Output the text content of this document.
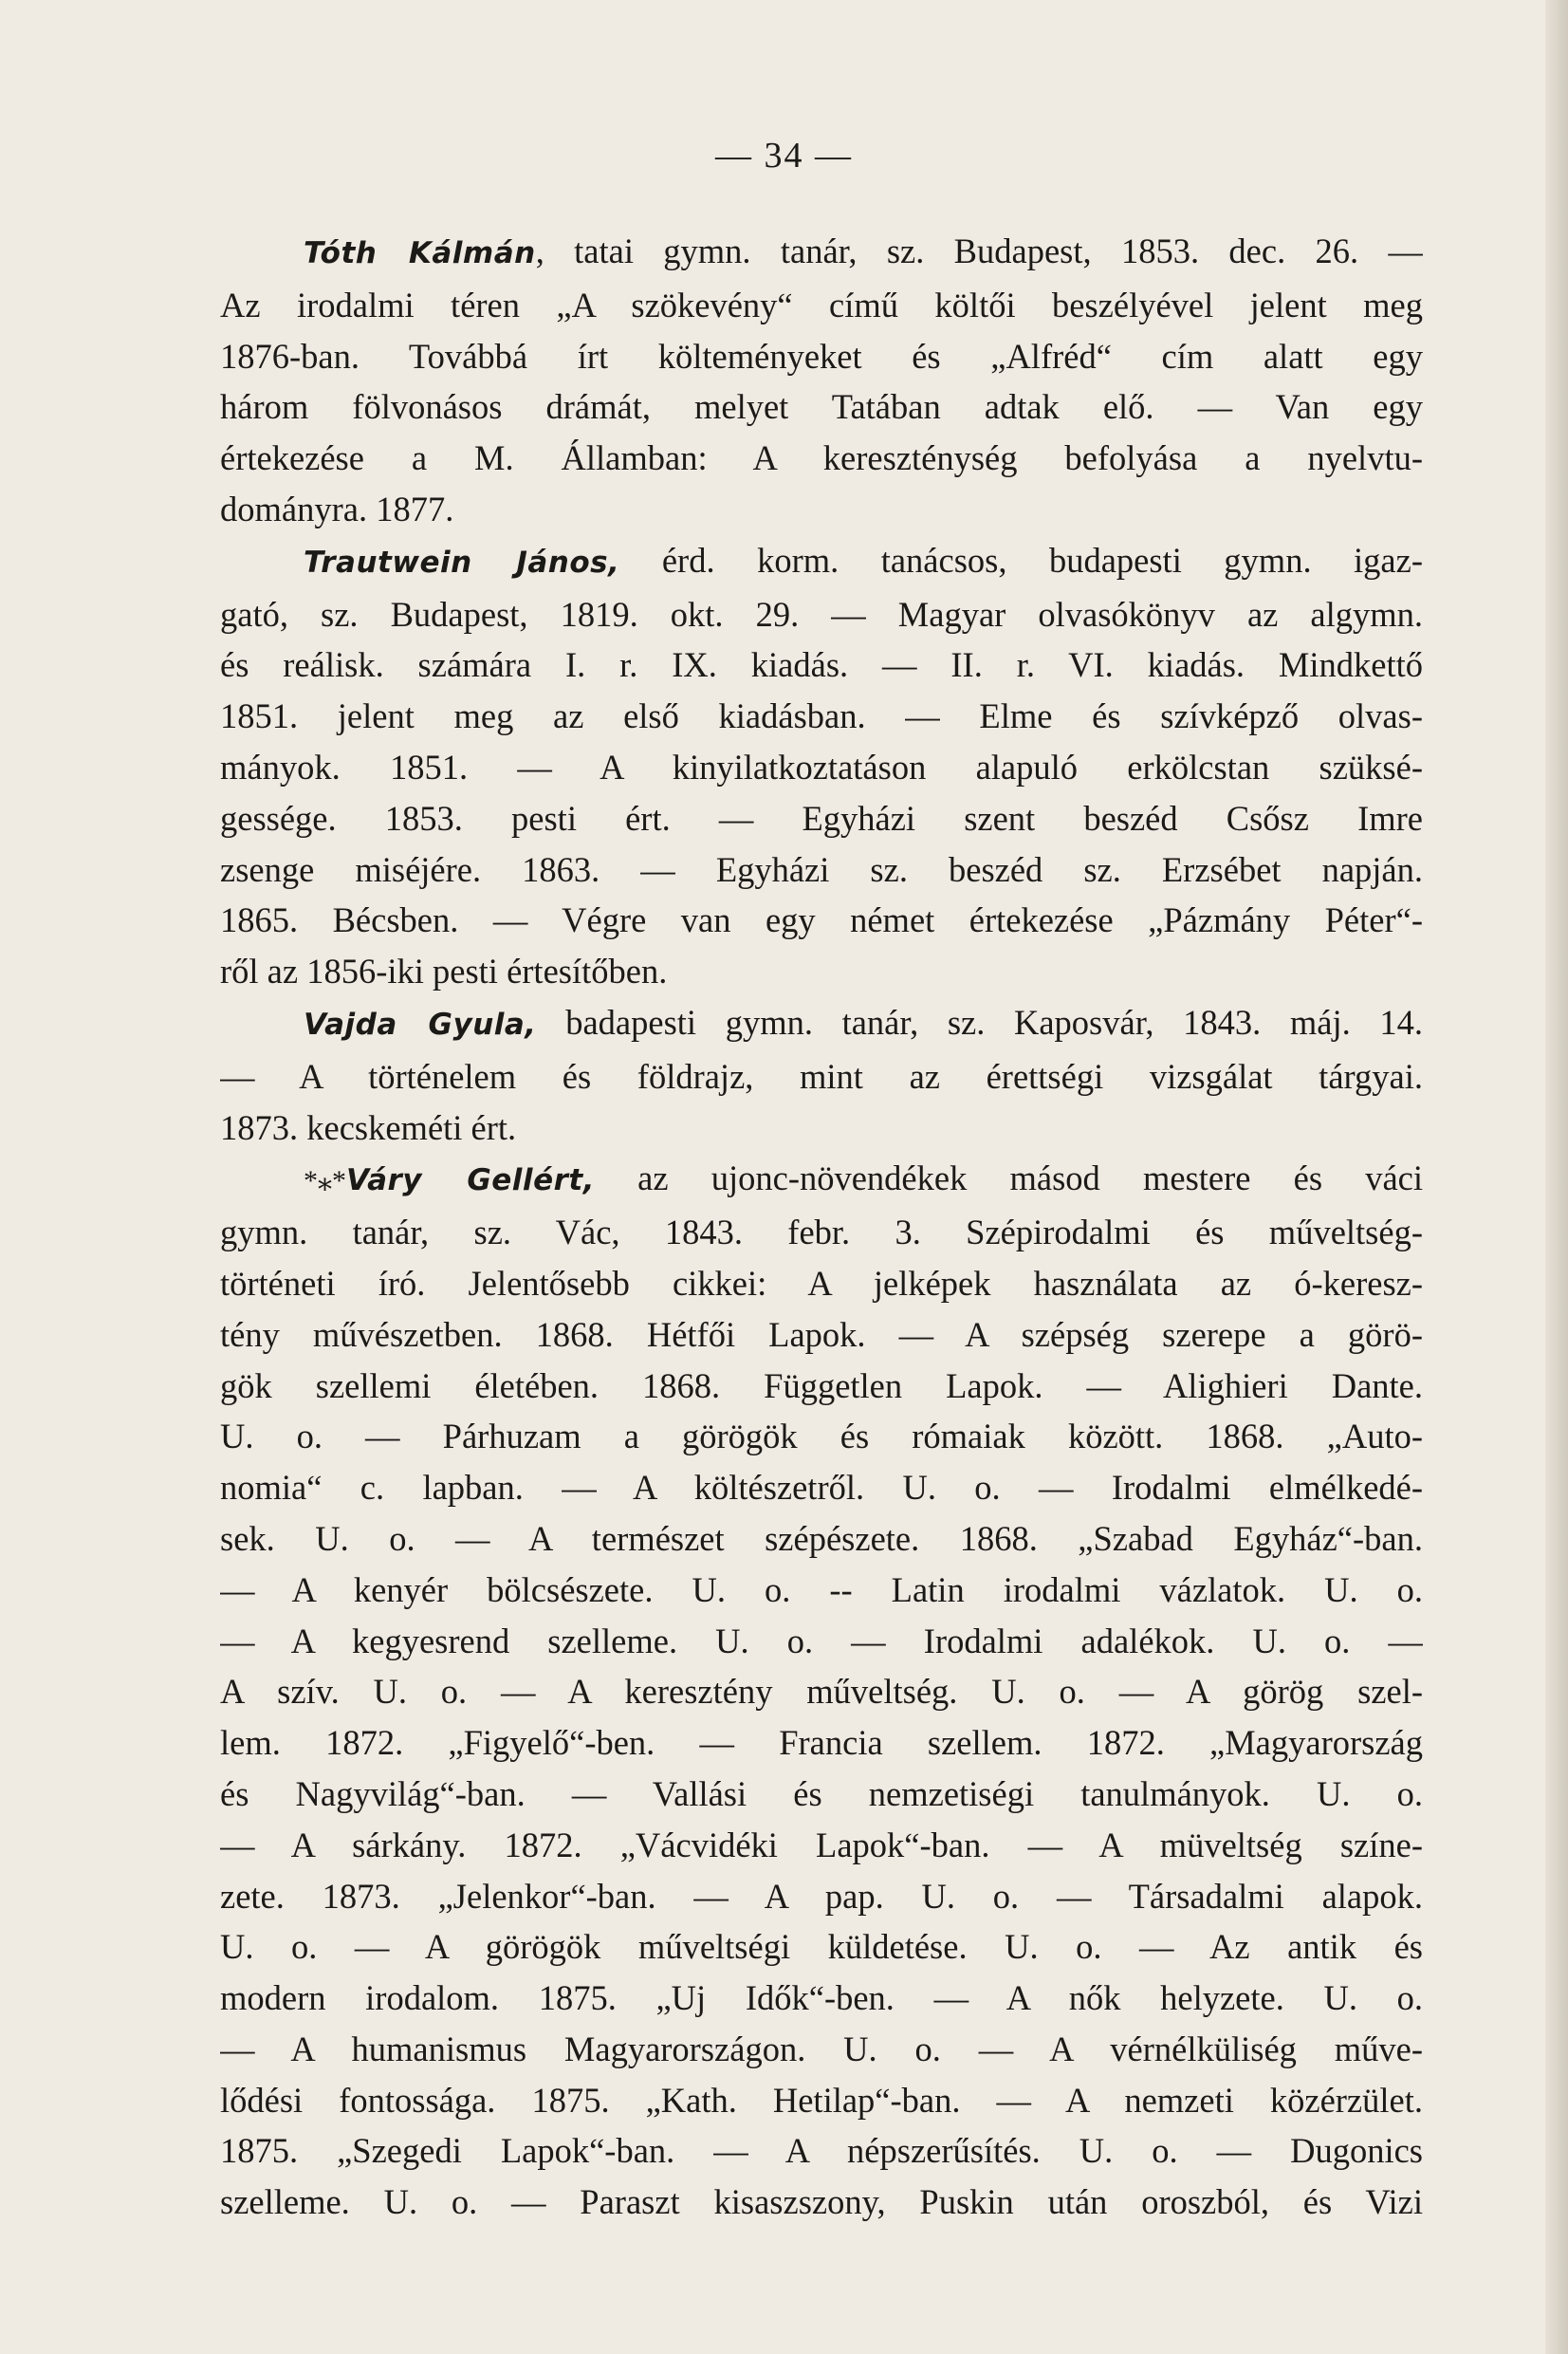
— 34 —
Tóth Kálmán, tatai gymn. tanár, sz. Budapest, 1853. dec. 26. —
Az irodalmi téren „A szökevény“ című költői beszélyével jelent meg
1876-ban. Továbbá írt költeményeket és „Alfréd“ cím alatt egy
három fölvonásos drámát, melyet Tatában adtak elő. — Van egy
értekezése a M. Államban: A kereszténység befolyása a nyelvtu-
dományra. 1877.
Trautwein János, érd. korm. tanácsos, budapesti gymn. igaz-
gató, sz. Budapest, 1819. okt. 29. — Magyar olvasókönyv az algymn.
és reálisk. számára I. r. IX. kiadás. — II. r. VI. kiadás. Mindkettő
1851. jelent meg az első kiadásban. — Elme és szívképző olvas-
mányok. 1851. — A kinyilatkoztatáson alapuló erkölcstan szüksé-
gessége. 1853. pesti ért. — Egyházi szent beszéd Csősz Imre
zsenge miséjére. 1863. — Egyházi sz. beszéd sz. Erzsébet napján.
1865. Bécsben. — Végre van egy német értekezése „Pázmány Péter“-
ről az 1856-iki pesti értesítőben.
Vajda Gyula, badapesti gymn. tanár, sz. Kaposvár, 1843. máj. 14.
— A történelem és földrajz, mint az érettségi vizsgálat tárgyai.
1873. kecskeméti ért.
*⁎*Váry Gellért, az ujonc-növendékek másod mestere és váci
gymn. tanár, sz. Vác, 1843. febr. 3. Szépirodalmi és műveltség-
történeti író. Jelentősebb cikkei: A jelképek használata az ó-keresz-
tény művészetben. 1868. Hétfői Lapok. — A szépség szerepe a görö-
gök szellemi életében. 1868. Független Lapok. — Alighieri Dante.
U. o. — Párhuzam a görögök és rómaiak között. 1868. „Auto-
nomia“ c. lapban. — A költészetről. U. o. — Irodalmi elmélkedé-
sek. U. o. — A természet szépészete. 1868. „Szabad Egyház“-ban.
— A kenyér bölcsészete. U. o. -- Latin irodalmi vázlatok. U. o.
— A kegyesrend szelleme. U. o. — Irodalmi adalékok. U. o. —
A szív. U. o. — A keresztény műveltség. U. o. — A görög szel-
lem. 1872. „Figyelő“-ben. — Francia szellem. 1872. „Magyarország
és Nagyvilág“-ban. — Vallási és nemzetiségi tanulmányok. U. o.
— A sárkány. 1872. „Vácvidéki Lapok“-ban. — A müveltség színe-
zete. 1873. „Jelenkor“-ban. — A pap. U. o. — Társadalmi alapok.
U. o. — A görögök műveltségi küldetése. U. o. — Az antik és
modern irodalom. 1875. „Uj Idők“-ben. — A nők helyzete. U. o.
— A humanismus Magyarországon. U. o. — A vérnélküliség műve-
lődési fontossága. 1875. „Kath. Hetilap“-ban. — A nemzeti közérzület.
1875. „Szegedi Lapok“-ban. — A népszerűsítés. U. o. — Dugonics
szelleme. U. o. — Paraszt kisaszszony, Puskin után oroszból, és Vizi
